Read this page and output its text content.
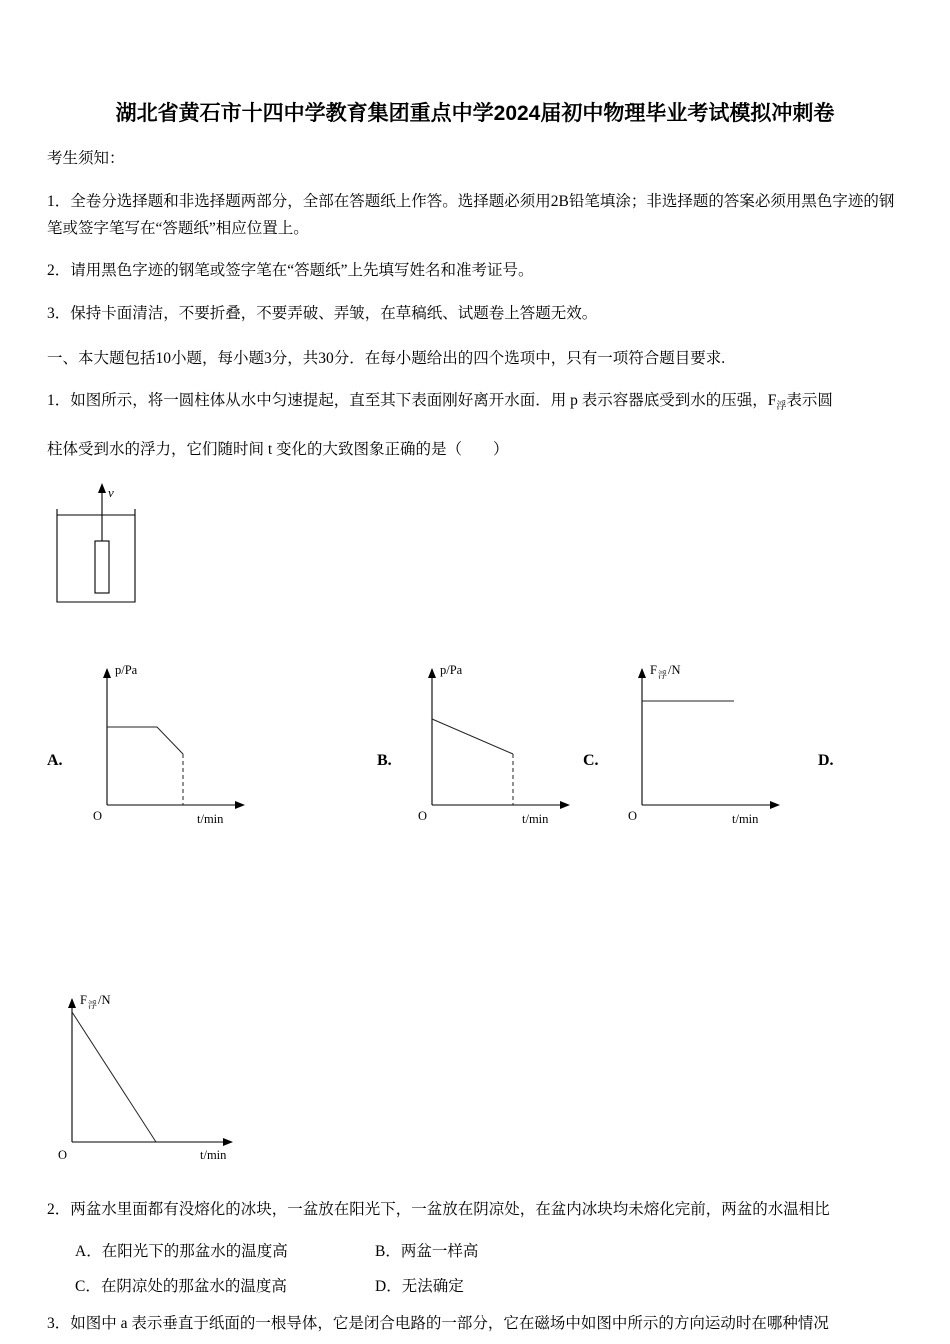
湖北省黄石市十四中学教育集团重点中学2024届初中物理毕业考试模拟冲刺卷

考生须知：

1．全卷分选择题和非选择题两部分，全部在答题纸上作答。选择题必须用2B铅笔填涂；非选择题的答案必须用黑色字迹的钢笔或签字笔写在“答题纸”相应位置上。

2．请用黑色字迹的钢笔或签字笔在“答题纸”上先填写姓名和准考证号。

3．保持卡面清洁，不要折叠，不要弄破、弄皱，在草稿纸、试题卷上答题无效。

一、本大题包括10小题，每小题3分，共30分．在每小题给出的四个选项中，只有一项符合题目要求.

1．如图所示，将一圆柱体从水中匀速提起，直至其下表面刚好离开水面．用 p 表示容器底受到水的压强，$F_浮$表示圆

柱体受到水的浮力，它们随时间 t 变化的大致图象正确的是（　　）

v
A.
p/Pa
O	t/min
B.
p/Pa
O	t/min
C.
F 浮 /N
O	t/min
D.
F 浮 /N
O	t/min

2．两盆水里面都有没熔化的冰块，一盆放在阳光下，一盆放在阴凉处，在盆内冰块均未熔化完前，两盆的水温相比

A．在阳光下的那盆水的温度高	B．两盆一样高
C．在阴凉处的那盆水的温度高	D．无法确定

3．如图中 a 表示垂直于纸面的一根导体，它是闭合电路的一部分，它在磁场中如图中所示的方向运动时在哪种情况
